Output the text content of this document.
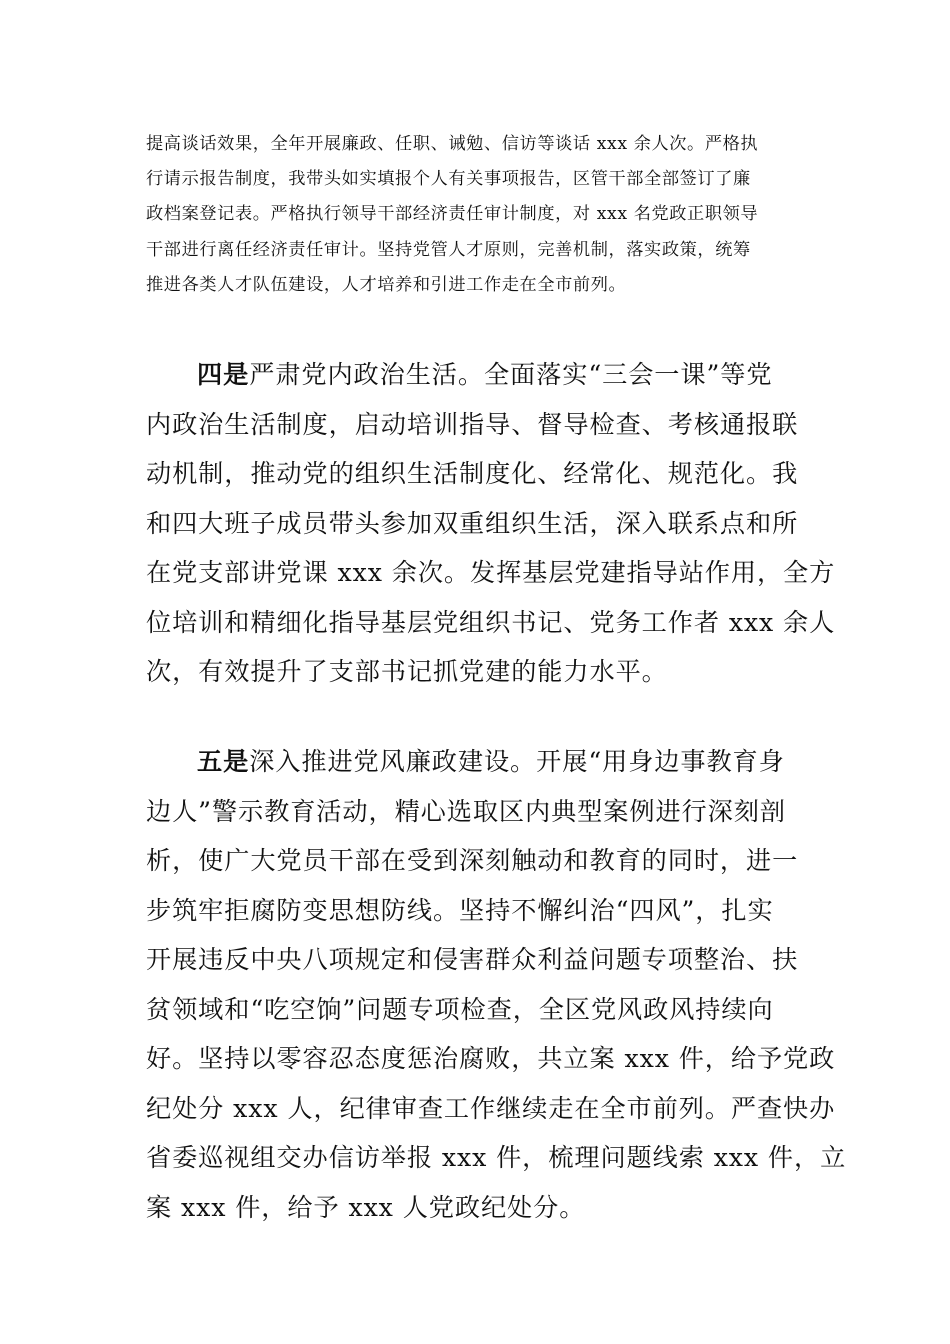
提高谈话效果，全年开展廉政、任职、诫勉、信访等谈话 xxx 余人次。严格执
行请示报告制度，我带头如实填报个人有关事项报告，区管干部全部签订了廉
政档案登记表。严格执行领导干部经济责任审计制度，对 xxx 名党政正职领导
干部进行离任经济责任审计。坚持党管人才原则，完善机制，落实政策，统筹
推进各类人才队伍建设，人才培养和引进工作走在全市前列。
四是严肃党内政治生活。全面落实“三会一课”等党
内政治生活制度，启动培训指导、督导检查、考核通报联
动机制，推动党的组织生活制度化、经常化、规范化。我
和四大班子成员带头参加双重组织生活，深入联系点和所
在党支部讲党课 xxx 余次。发挥基层党建指导站作用，全方
位培训和精细化指导基层党组织书记、党务工作者 xxx 余人
次，有效提升了支部书记抓党建的能力水平。
五是深入推进党风廉政建设。开展“用身边事教育身
边人”警示教育活动，精心选取区内典型案例进行深刻剖
析，使广大党员干部在受到深刻触动和教育的同时，进一
步筑牢拒腐防变思想防线。坚持不懈纠治“四风”，扎实
开展违反中央八项规定和侵害群众利益问题专项整治、扶
贫领域和“吃空饷”问题专项检查，全区党风政风持续向
好。坚持以零容忍态度惩治腐败，共立案 xxx 件，给予党政
纪处分 xxx 人，纪律审查工作继续走在全市前列。严查快办
省委巡视组交办信访举报 xxx 件，梳理问题线索 xxx 件，立
案 xxx 件，给予 xxx 人党政纪处分。
